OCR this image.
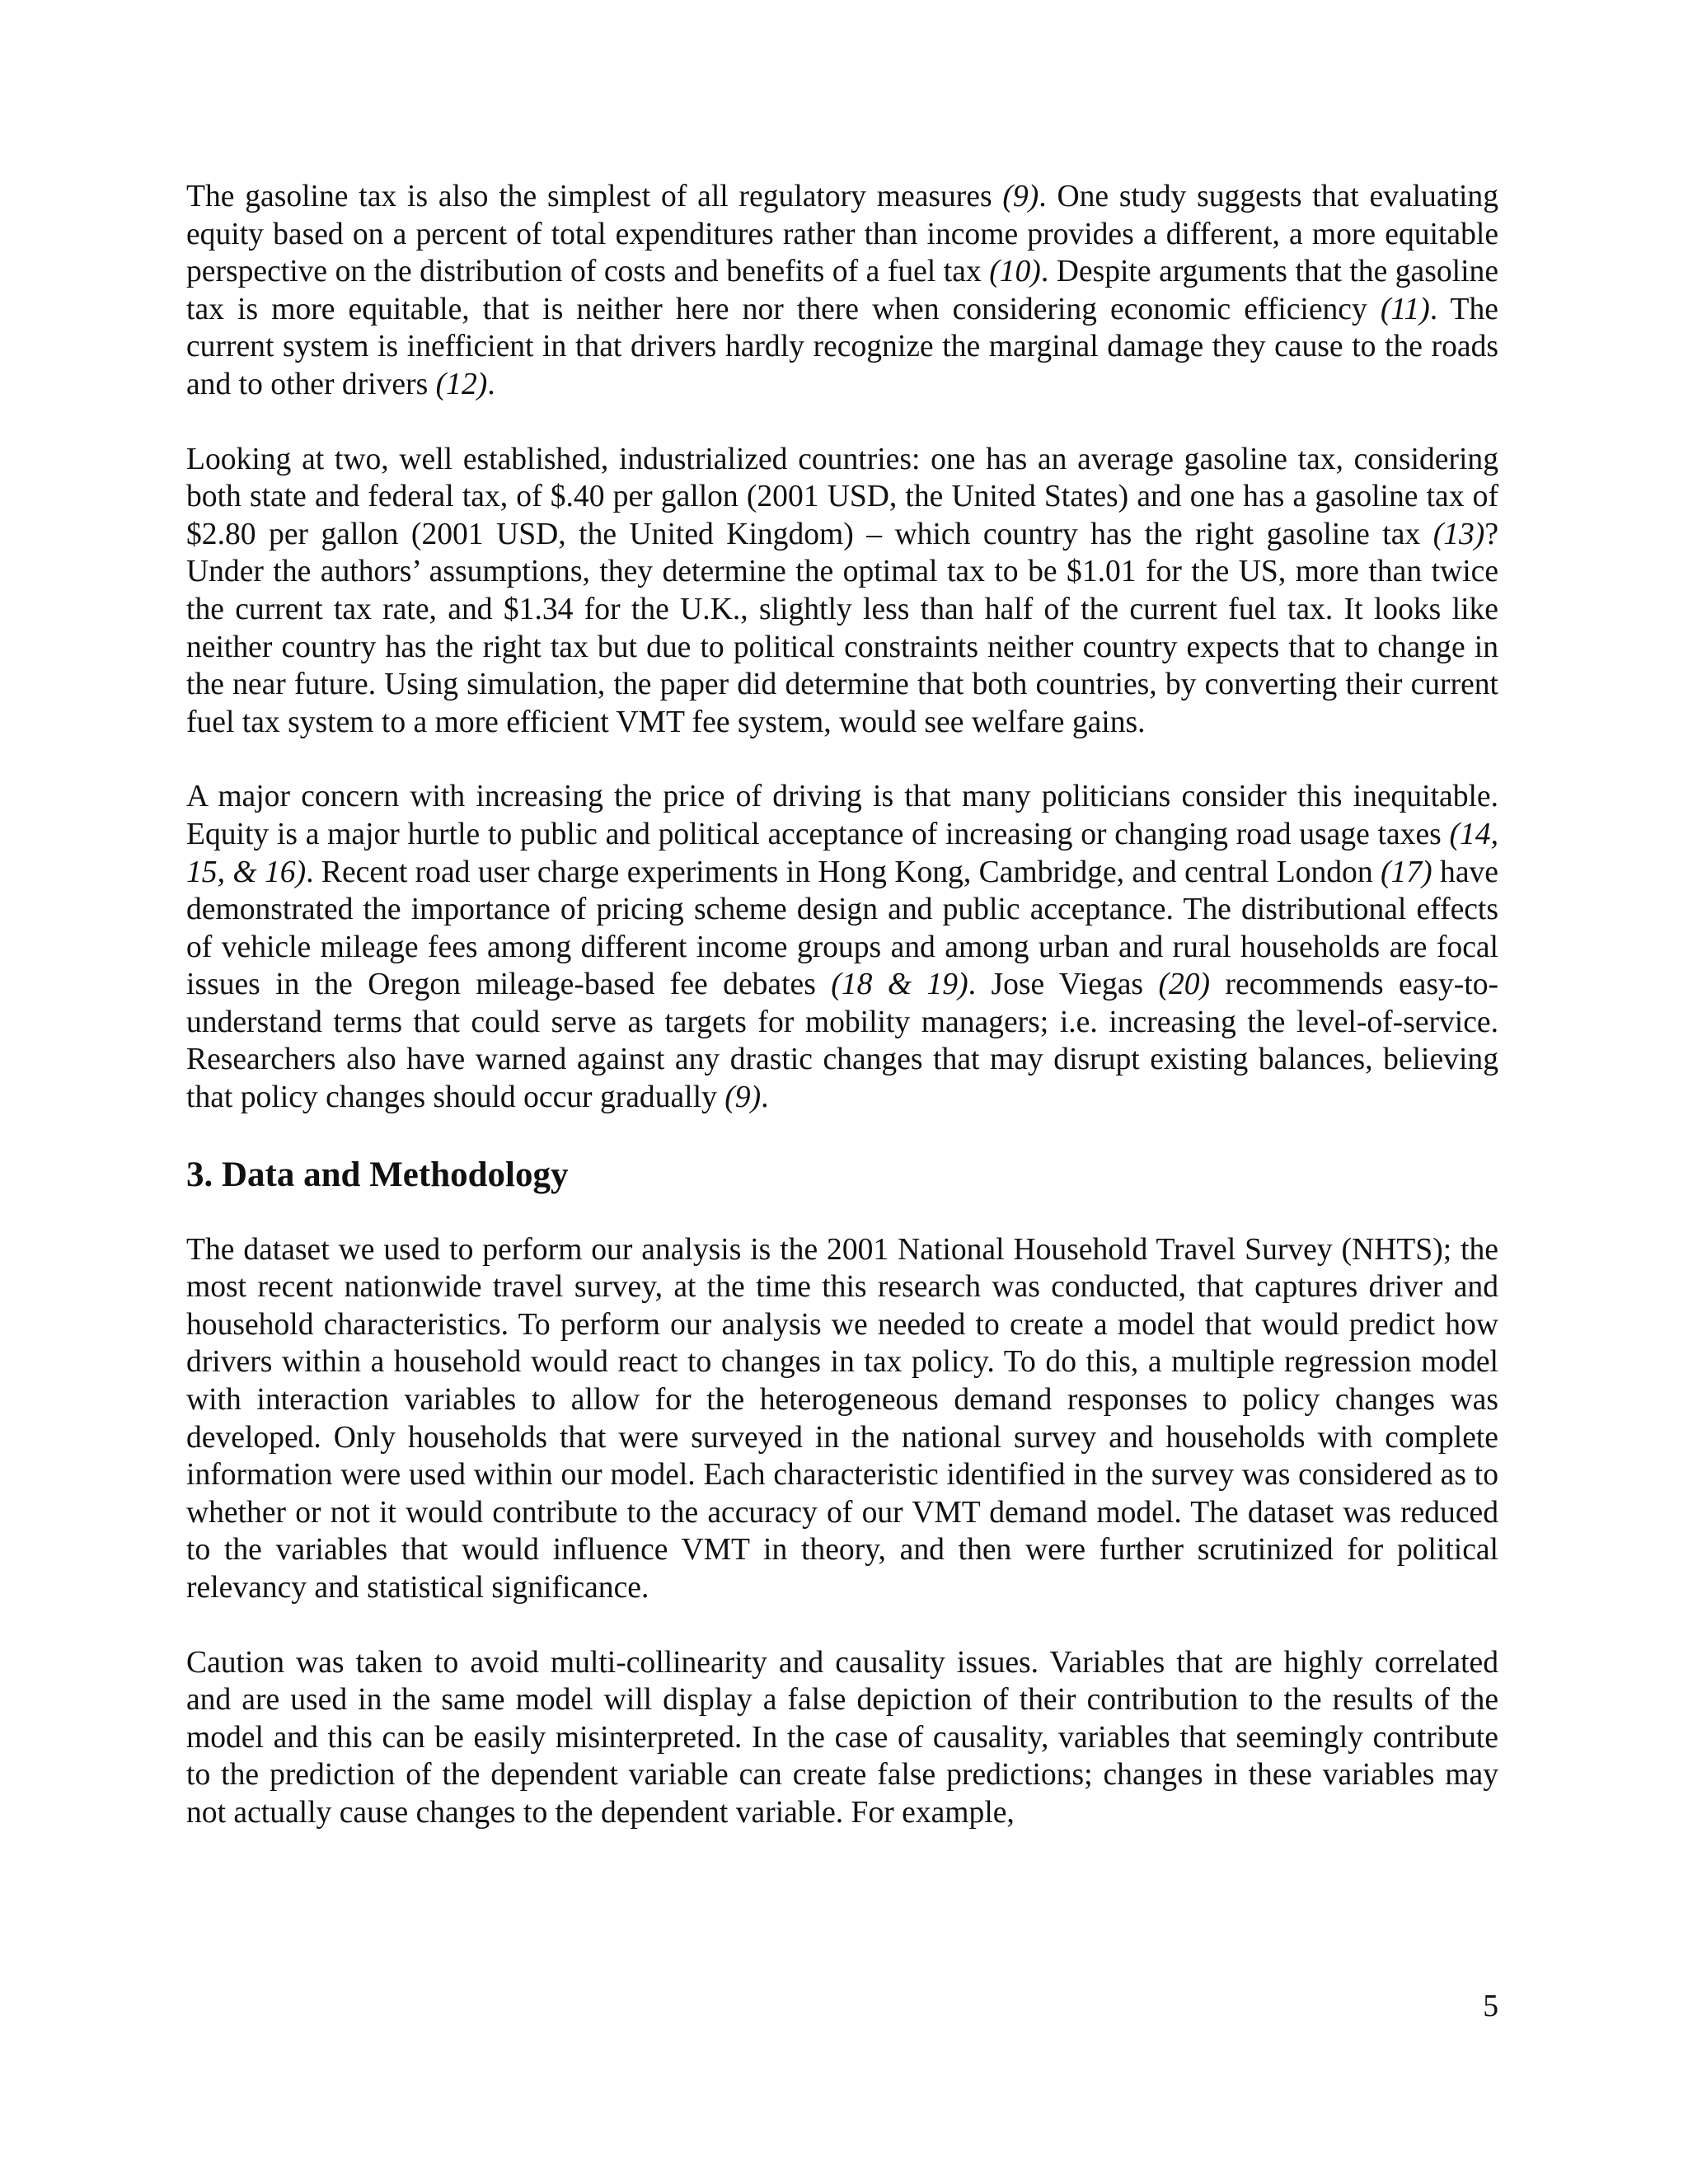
The gasoline tax is also the simplest of all regulatory measures (9). One study suggests that evaluating equity based on a percent of total expenditures rather than income provides a different, a more equitable perspective on the distribution of costs and benefits of a fuel tax (10). Despite arguments that the gasoline tax is more equitable, that is neither here nor there when considering economic efficiency (11). The current system is inefficient in that drivers hardly recognize the marginal damage they cause to the roads and to other drivers (12).

Looking at two, well established, industrialized countries: one has an average gasoline tax, considering both state and federal tax, of $.40 per gallon (2001 USD, the United States) and one has a gasoline tax of $2.80 per gallon (2001 USD, the United Kingdom) – which country has the right gasoline tax (13)? Under the authors’ assumptions, they determine the optimal tax to be $1.01 for the US, more than twice the current tax rate, and $1.34 for the U.K., slightly less than half of the current fuel tax. It looks like neither country has the right tax but due to political constraints neither country expects that to change in the near future. Using simulation, the paper did determine that both countries, by converting their current fuel tax system to a more efficient VMT fee system, would see welfare gains.

A major concern with increasing the price of driving is that many politicians consider this inequitable. Equity is a major hurtle to public and political acceptance of increasing or changing road usage taxes (14, 15, & 16). Recent road user charge experiments in Hong Kong, Cambridge, and central London (17) have demonstrated the importance of pricing scheme design and public acceptance. The distributional effects of vehicle mileage fees among different income groups and among urban and rural households are focal issues in the Oregon mileage-based fee debates (18 & 19). Jose Viegas (20) recommends easy-to-understand terms that could serve as targets for mobility managers; i.e. increasing the level-of-service. Researchers also have warned against any drastic changes that may disrupt existing balances, believing that policy changes should occur gradually (9).

3. Data and Methodology

The dataset we used to perform our analysis is the 2001 National Household Travel Survey (NHTS); the most recent nationwide travel survey, at the time this research was conducted, that captures driver and household characteristics. To perform our analysis we needed to create a model that would predict how drivers within a household would react to changes in tax policy. To do this, a multiple regression model with interaction variables to allow for the heterogeneous demand responses to policy changes was developed. Only households that were surveyed in the national survey and households with complete information were used within our model. Each characteristic identified in the survey was considered as to whether or not it would contribute to the accuracy of our VMT demand model. The dataset was reduced to the variables that would influence VMT in theory, and then were further scrutinized for political relevancy and statistical significance.

Caution was taken to avoid multi-collinearity and causality issues. Variables that are highly correlated and are used in the same model will display a false depiction of their contribution to the results of the model and this can be easily misinterpreted. In the case of causality, variables that seemingly contribute to the prediction of the dependent variable can create false predictions; changes in these variables may not actually cause changes to the dependent variable. For example,

5
